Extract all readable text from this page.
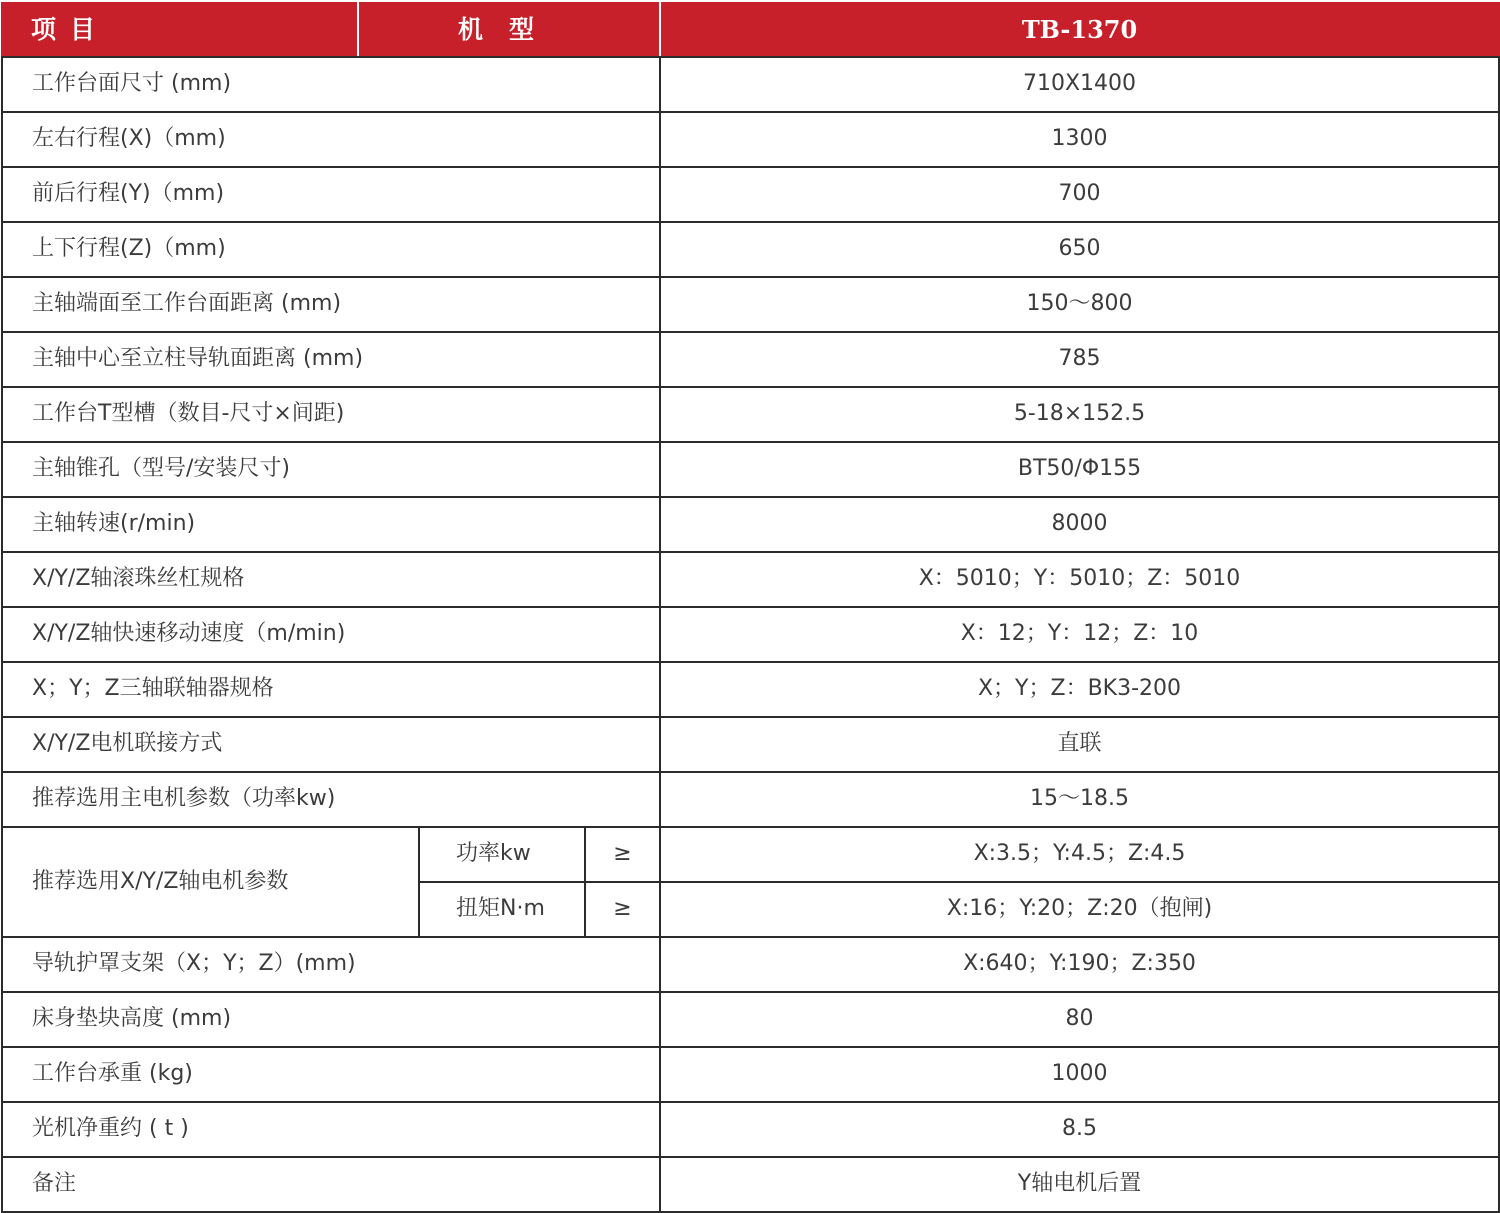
项目	机型			TB-1370
工作台面尺寸 (mm)				710X1400
左右行程(X)（mm)				1300
前后行程(Y)（mm)				700
上下行程(Z)（mm)				650
主轴端面至工作台面距离 (mm)				150～800
主轴中心至立柱导轨面距离 (mm)				785
工作台T型槽（数目-尺寸×间距)				5-18×152.5
主轴锥孔（型号/安装尺寸)				BT50/Φ155
主轴转速(r/min)				8000
X/Y/Z轴滚珠丝杠规格				X：5010；Y：5010；Z：5010
X/Y/Z轴快速移动速度（m/min)				X：12；Y：12；Z：10
X；Y；Z三轴联轴器规格				X；Y；Z：BK3-200
X/Y/Z电机联接方式				直联
推荐选用主电机参数（功率kw)				15～18.5
推荐选用X/Y/Z轴电机参数		功率kw	≥	X:3.5；Y:4.5；Z:4.5
		扭矩N·m	≥	X:16；Y:20；Z:20（抱闸)
导轨护罩支架（X；Y；Z）(mm)				X:640；Y:190；Z:350
床身垫块高度 (mm)				80
工作台承重 (kg)				1000
光机净重约 ( t )				8.5
备注				Y轴电机后置
